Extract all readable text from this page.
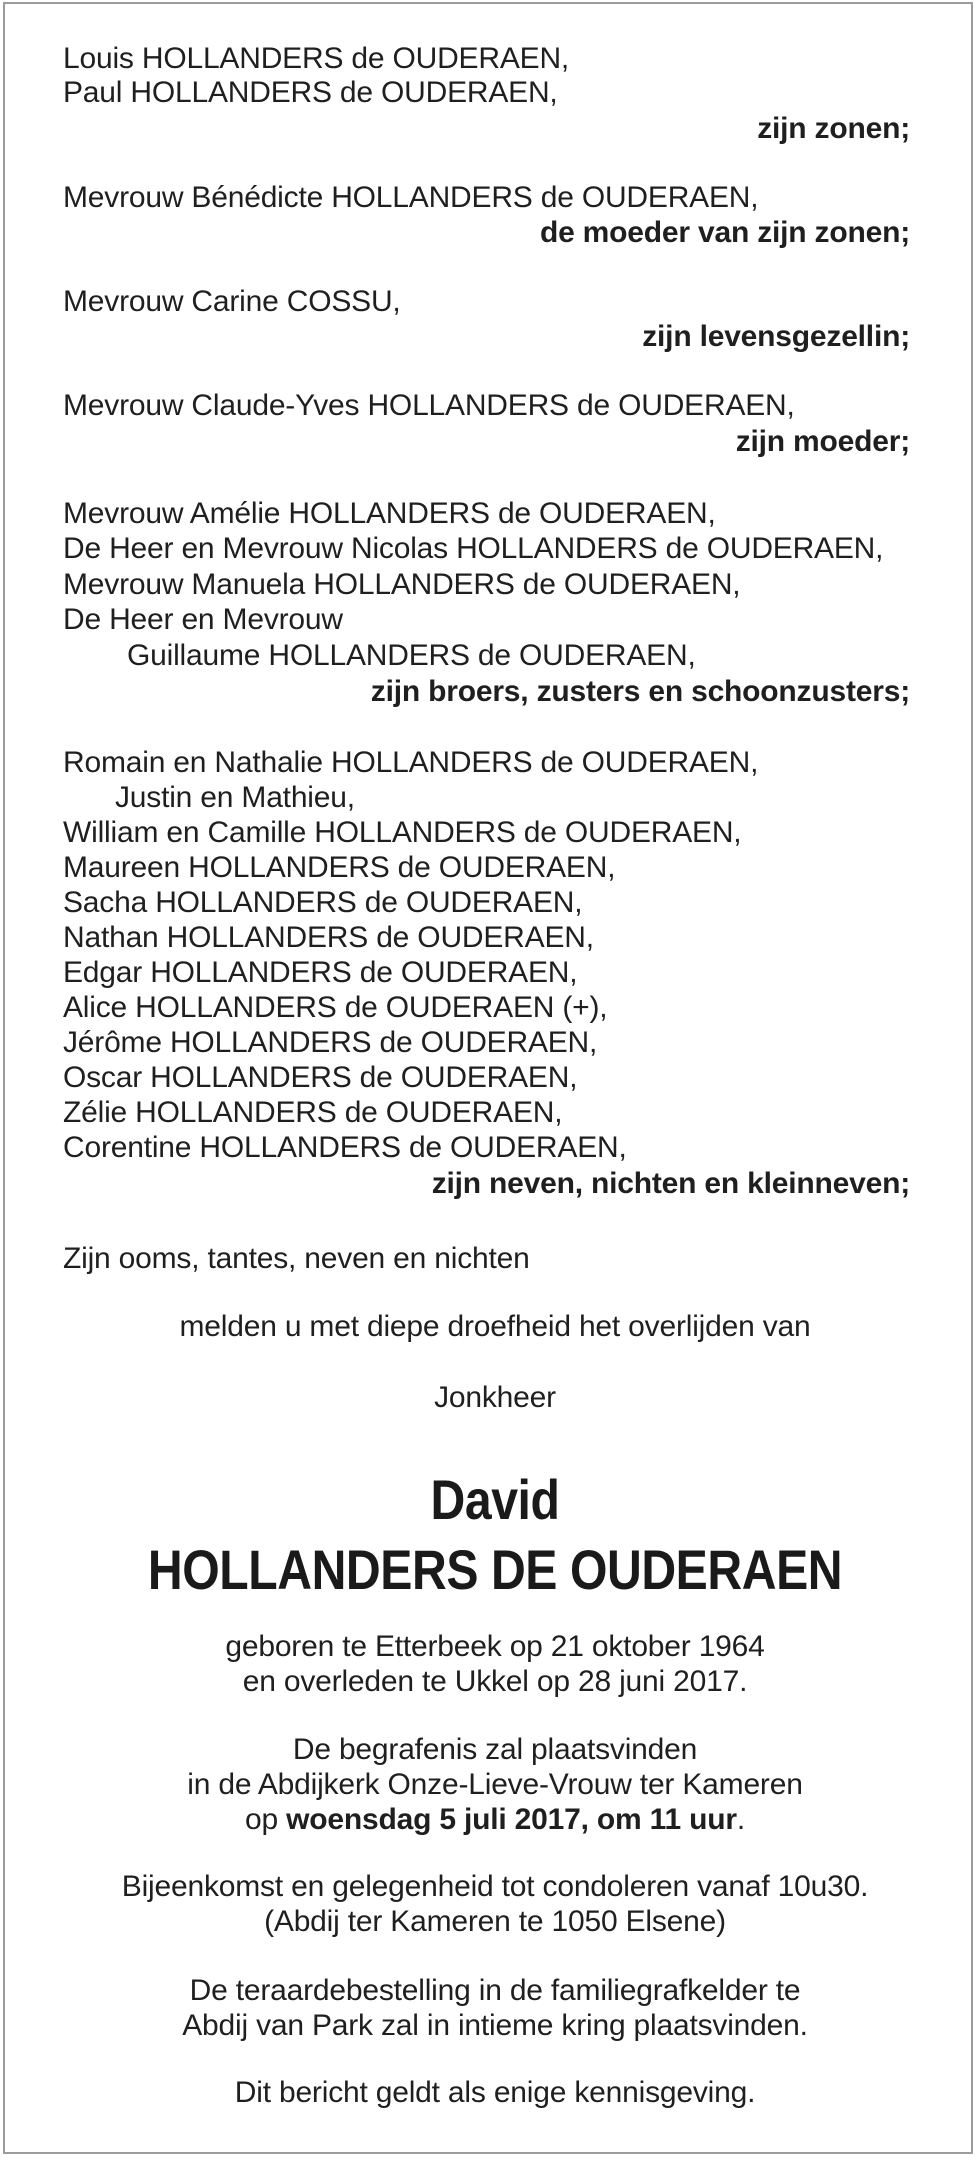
Louis HOLLANDERS de OUDERAEN,
Paul HOLLANDERS de OUDERAEN,
zijn zonen;
Mevrouw Bénédicte HOLLANDERS de OUDERAEN,
de moeder van zijn zonen;
Mevrouw Carine COSSU,
zijn levensgezellin;
Mevrouw Claude-Yves HOLLANDERS de OUDERAEN,
zijn moeder;
Mevrouw Amélie HOLLANDERS de OUDERAEN,
De Heer en Mevrouw Nicolas HOLLANDERS de OUDERAEN,
Mevrouw Manuela HOLLANDERS de OUDERAEN,
De Heer en Mevrouw
Guillaume HOLLANDERS de OUDERAEN,
zijn broers, zusters en schoonzusters;
Romain en Nathalie HOLLANDERS de OUDERAEN,
Justin en Mathieu,
William en Camille HOLLANDERS de OUDERAEN,
Maureen HOLLANDERS de OUDERAEN,
Sacha HOLLANDERS de OUDERAEN,
Nathan HOLLANDERS de OUDERAEN,
Edgar HOLLANDERS de OUDERAEN,
Alice HOLLANDERS de OUDERAEN (+),
Jérôme HOLLANDERS de OUDERAEN,
Oscar HOLLANDERS de OUDERAEN,
Zélie HOLLANDERS de OUDERAEN,
Corentine HOLLANDERS de OUDERAEN,
zijn neven, nichten en kleinneven;
Zijn ooms, tantes, neven en nichten
melden u met diepe droefheid het overlijden van
Jonkheer
David
HOLLANDERS DE OUDERAEN
geboren te Etterbeek op 21 oktober 1964
en overleden te Ukkel op 28 juni 2017.
De begrafenis zal plaatsvinden
in de Abdijkerk Onze-Lieve-Vrouw ter Kameren
op woensdag 5 juli 2017, om 11 uur.
Bijeenkomst en gelegenheid tot condoleren vanaf 10u30.
(Abdij ter Kameren te 1050 Elsene)
De teraardebestelling in de familiegrafkelder te
Abdij van Park zal in intieme kring plaatsvinden.
Dit bericht geldt als enige kennisgeving.
